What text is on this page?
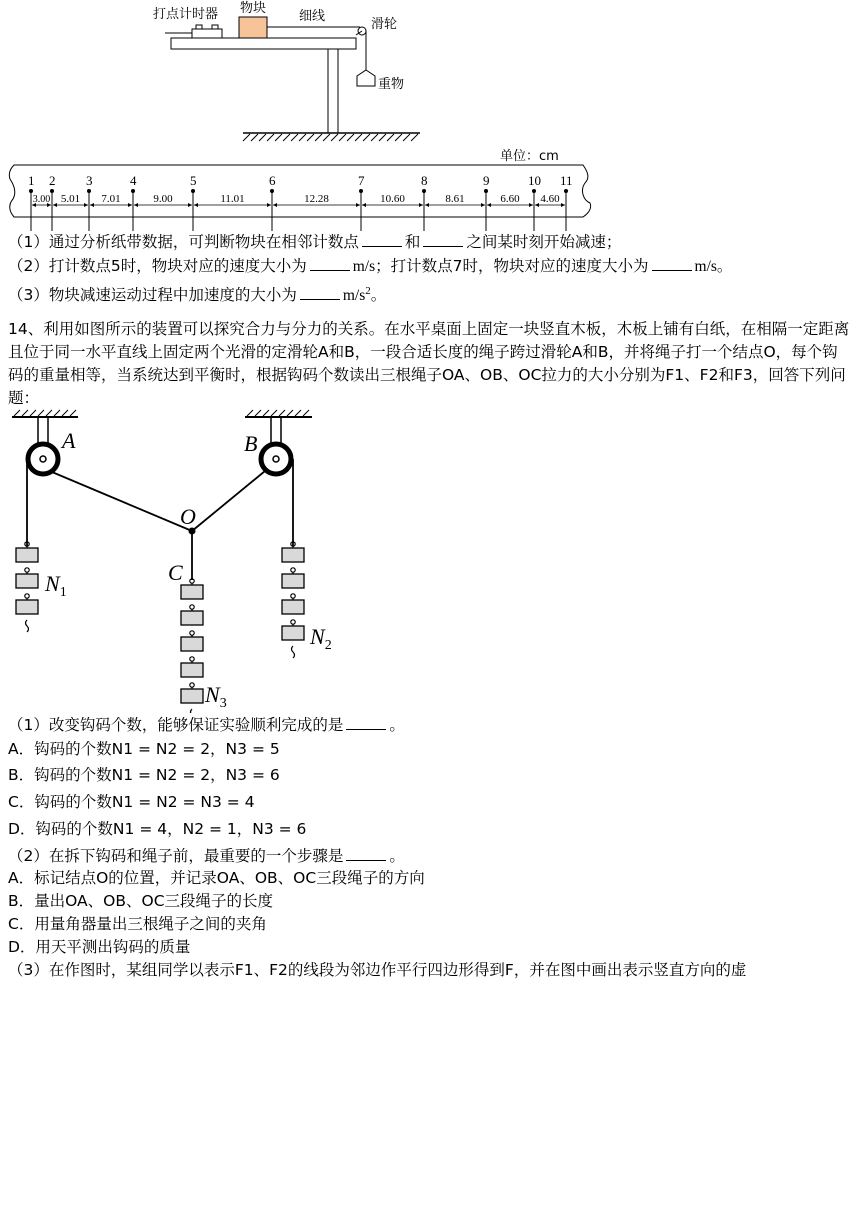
打点计时器 物块
细线
滑轮
重物
单位：cm
1 2 3	4	5	6	7	8	9	10 11
3.00 5.01 7.01	9.00	11.01	12.28	10.60	8.61	6.60 4.60
（1）通过分析纸带数据，可判断物块在相邻计数点	和	之间某时刻开始减速；
（2）打计数点5时，物块对应的速度大小为	m/s；打计数点7时，物块对应的速度大小为	m/s。
（3）物块减速运动过程中加速度的大小为	$m/s^2$。
14、利用如图所示的装置可以探究合力与分力的关系。在水平桌面上固定一块竖直木板，木板上铺有白纸，在相隔一定距离且位于同一水平直线上固定两个光滑的定滑轮A和B，一段合适长度的绳子跨过滑轮A和B，并将绳子打一个结点O，每个钩码的重量相等，当系统达到平衡时，根据钩码个数读出三根绳子OA、OB、OC拉力的大小分别为F1、F2和F3，回答下列问题：
A	B
O
C
$N_1$
$N_2$
$N_3$
（1）改变钩码个数，能够保证实验顺利完成的是	。
A．钩码的个数N1 = N2 = 2，N3 = 5
B．钩码的个数N1 = N2 = 2，N3 = 6
C．钩码的个数N1 = N2 = N3 = 4
D．钩码的个数N1 = 4，N2 = 1，N3 = 6
（2）在拆下钩码和绳子前，最重要的一个步骤是	。
A．标记结点O的位置，并记录OA、OB、OC三段绳子的方向
B．量出OA、OB、OC三段绳子的长度
C．用量角器量出三根绳子之间的夹角
D．用天平测出钩码的质量
（3）在作图时，某组同学以表示F1、F2的线段为邻边作平行四边形得到F，并在图中画出表示竖直方向的虚
